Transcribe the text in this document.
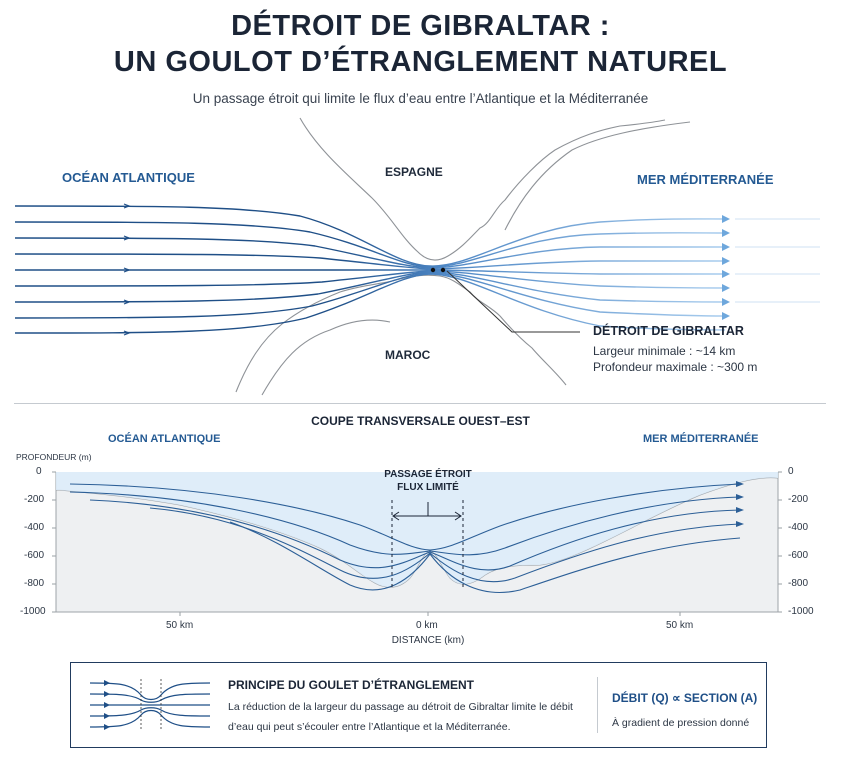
DÉTROIT DE GIBRALTAR :
UN GOULOT D’ÉTRANGLEMENT NATUREL
Un passage étroit qui limite le flux d’eau entre l’Atlantique et la Méditerranée
OCÉAN ATLANTIQUE	MER MÉDITERRANÉE
ESPAGNE
MAROC
DÉTROIT DE GIBRALTAR
Largeur minimale : ~14 km
Profondeur maximale : ~300 m
COUPE TRANSVERSALE OUEST–EST
OCÉAN ATLANTIQUE	MER MÉDITERRANÉE
PROFONDEUR (m)
PASSAGE ÉTROIT
FLUX LIMITÉ
0
-200
-400
-600
-800
-1000
0
-200
-400
-600
-800
-1000
50 km	0 km	50 km
DISTANCE (km)
PRINCIPE DU GOULET D’ÉTRANGLEMENT
La réduction de la largeur du passage au détroit de Gibraltar limite le débit d’eau qui peut s’écouler entre l’Atlantique et la Méditerranée.
DÉBIT (Q) ∝ SECTION (A)
À gradient de pression donné
